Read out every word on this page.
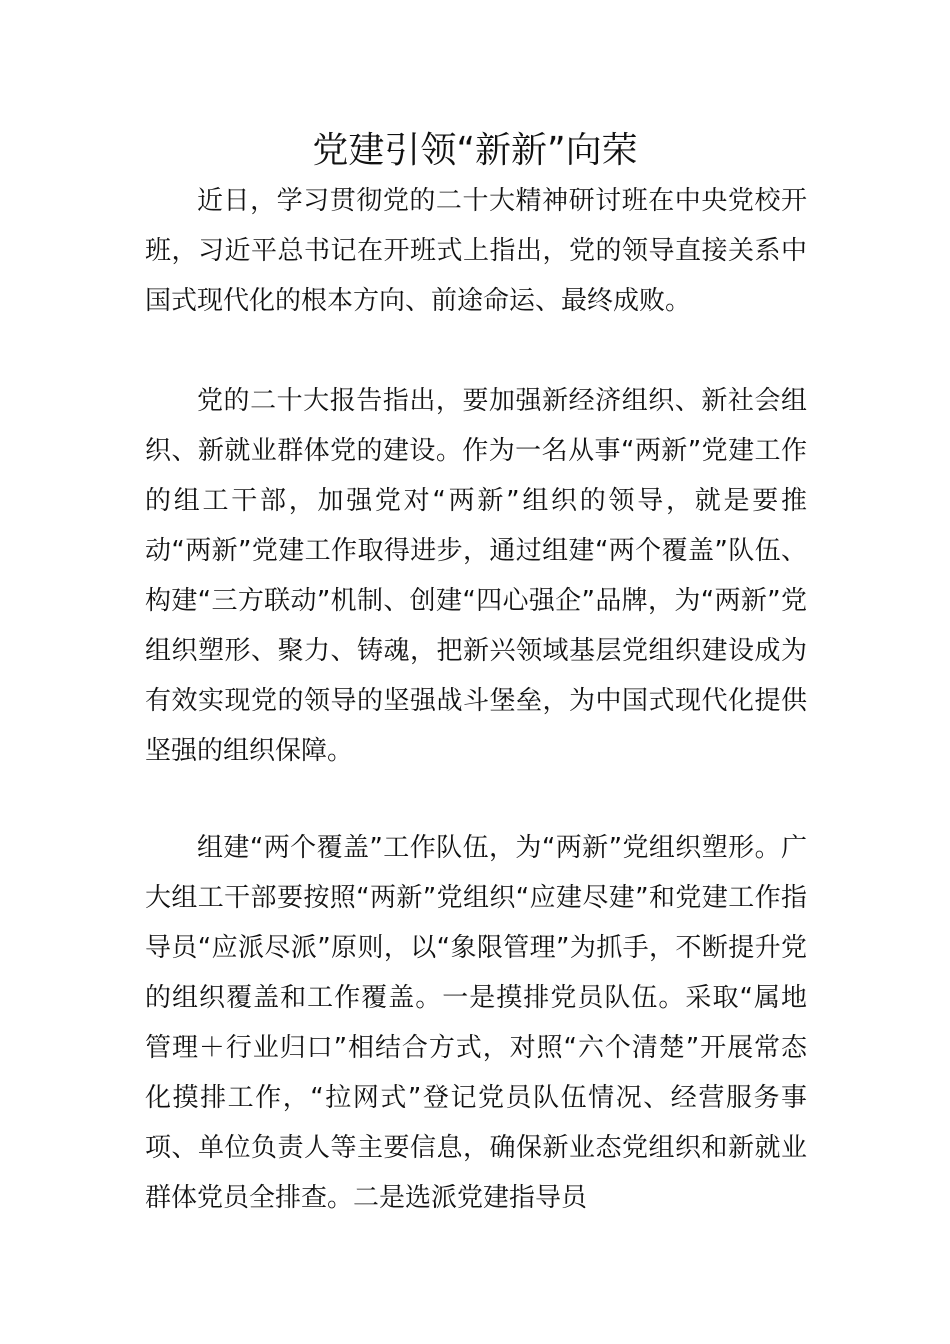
党建引领“新新”向荣

近日，学习贯彻党的二十大精神研讨班在中央党校开班，习近平总书记在开班式上指出，党的领导直接关系中国式现代化的根本方向、前途命运、最终成败。

党的二十大报告指出，要加强新经济组织、新社会组织、新就业群体党的建设。作为一名从事“两新”党建工作的组工干部，加强党对“两新”组织的领导，就是要推动“两新”党建工作取得进步，通过组建“两个覆盖”队伍、构建“三方联动”机制、创建“四心强企”品牌，为“两新”党组织塑形、聚力、铸魂，把新兴领域基层党组织建设成为有效实现党的领导的坚强战斗堡垒，为中国式现代化提供坚强的组织保障。

组建“两个覆盖”工作队伍，为“两新”党组织塑形。广大组工干部要按照“两新”党组织“应建尽建”和党建工作指导员“应派尽派”原则，以“象限管理”为抓手，不断提升党的组织覆盖和工作覆盖。一是摸排党员队伍。采取“属地管理＋行业归口”相结合方式，对照“六个清楚”开展常态化摸排工作，“拉网式”登记党员队伍情况、经营服务事项、单位负责人等主要信息，确保新业态党组织和新就业群体党员全排查。二是选派党建指导员
